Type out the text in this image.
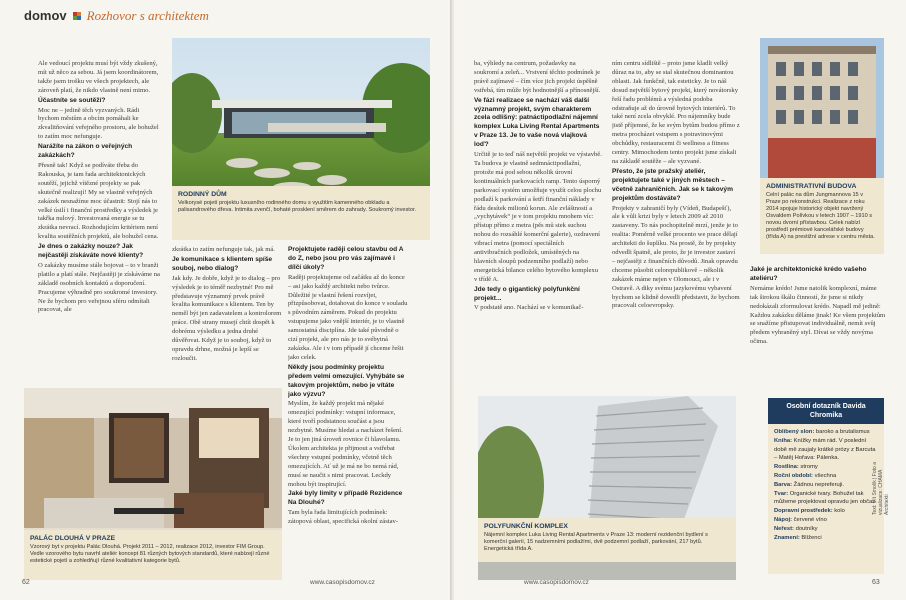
domov Rozhovor s architektem

Ale vedoucí projektu musí být vždy zkušený, mít už něco za sebou. Já jsem koordinátorem, takže jsem trošku ve všech projektech, ale zároveň platí, že nikdo vlastně není mimo.

Účastníte se soutěží?

Moc ne – jedině těch vyzvaných. Rádi bychom městům a obcím pomáhali ke zkvalitňování veřejného prostoru, ale bohužel to zatím moc nefunguje.

Narážíte na zákon o veřejných zakázkách?

Přesně tak! Když se podíváte třeba do Rakouska, je tam řada architektonických soutěží, jejichž vítězné projekty se pak skutečně realizují! My se vlastně veřejných zakázek nesnažíme moc účastnit: Stojí nás to velké úsilí i finanční prostředky a výsledek je takřka nulový. Investovaná energie se tu zkrátka nevrací. Rozhodujícím kritériem není kvalita soutěžních projektů, ale bohužel cena.

Je dnes o zakázky nouze? Jak nejčastěji získáváte nové klienty?

O zakázky musíme stále bojovat – to v branži platilo a platí stále. Nejčastěji je získáváme na základě osobních kontaktů a doporučení. Pracujeme výhradně pro soukromé investory. Ne že bychom pro veřejnou sféru odmítali pracovat, ale

zkrátka to zatím nefunguje tak, jak má.

Je komunikace s klientem spíše souboj, nebo dialog?

Jak kdy. Je dobře, když je to dialog – pro výsledek je to téměř nezbytné! Pro mě představuje významný prvek právě kvalita komunikace s klientem. Ten by neměl být jen zadavatelem a kontrolorem práce. Obě strany musejí chtít dospět k dobrému výsledku a jedna druhé důvěřovat. Když je to souboj, když to opravdu drhne, možná je lepší se rozloučit.

Projektujete raději celou stavbu od A do Z, nebo jsou pro vás zajímavé i dílčí úkoly?

Raději projektujeme od začátku až do konce – asi jako každý architekt nebo tvůrce. Důležité je vlastní řešení rozvíjet, přizpůsobovat, dotahovat do konce v souladu s původním záměrem. Pokud do projektu vstupujeme jako vnější interiér, je to vlastně samostatná disciplína. Jde také původně o cizí projekt, ale pro nás je to svébytná zakázka. Ale i v tom případě jí chceme řešit jako celek.

Někdy jsou podmínky projektu předem velmi omezující. Vyhýbáte se takovým projektům, nebo je vítáte jako výzvu?

Myslím, že každý projekt má nějaké omezující podmínky: vstupní informace, které tvoří podstatnou součást a jsou nezbytné. Musíme hledat a nacházet řešení. Je to jen jiná úroveň rovnice či hlavolamu. Úkolem architekta je přijmout a vstřebat všechny vstupní podmínky, včetně těch omezujících. Ať už je má ne bo nemá rád, musí se naučit s nimi pracovat. Leckdy mohou být inspirující.

Jaké byly limity v případě Rezidence Na Dlouhé?

Tam byla řada limitujících podmínek: zátopová oblast, specifická okolní zástav-

RODINNÝ DŮM
Velkorysé pojetí projektu luxusního rodinného domu s využitím kamenného obkladu a palisandrového dřeva. Intimita zvenčí, bohaté prosklení směrem do zahrady. Soukromý investor.
PALÁC DLOUHÁ V PRAZE
Vzorový byt v projektu Palác Dlouhá. Projekt 2011 – 2012, realizace 2012, investor FIM Group. Vedle vzorového bytu navrhl ateliér koncept 81 různých bytových standardů, které nabízejí různé estetické pojetí a zohledňují různé kvalitativní kategorie bytů.
62	www.casopisdomov.cz

ba, výhledy na centrum, požadavky na soukromí a zeleň... Vrstvení těchto podmínek je právě zajímavé – čím více jich projekt úspěšně vstřebá, tím může být hodnotnější a přínosnější.

Ve fázi realizace se nachází váš další významný projekt, svým charakterem zcela odlišný: patnáctipodlažní nájemní komplex Luka Living Rental Apartments v Praze 13. Je to vaše nová vlajková loď?

Určitě je to teď náš největší projekt ve výstavbě. Ta budova je vlastně sedmnáctipodlažní, protože má pod sebou několik úrovní kontinuálních parkovacích ramp. Tento úsporný parkovací systém umožňuje využít celou plochu podlaží k parkování a šetří finanční náklady v řádu desítek milionů korun. Ale zvláštností a „vychytávek“ je v tom projektu mnohem víc: přístup přímo z metra (pěs mů stek suchou nohou do rozsáhlé komerční galerie), ozdravení vibrací metra (pomocí speciálních antivibračních podložek, umístěných na hlavních sloupů podzemního podlaží) nebo energetická bilance celého bytového komplexu v třídě A.

Jde tedy o gigantický polyfunkční projekt...

V podstatě ano. Nachází se v komunikač-

ním centru sídliště – proto jsme kladli velký důraz na to, aby se stal skutečnou dominantou oblasti. Jak funkčně, tak esteticky. Je to náš dosud největší bytový projekt, který novátorsky řeší řadu problémů a výsledná podoba odstraňuje až do úrovně bytových interiérů. To také není zcela obvyklé. Pro nájemníky bude jistě příjemné, že ke svým bytům budou přímo z metra procházet vstupem s potravinovými obchůdky, restauracemi či wellness a fitness centry. Mimochodem tento projekt jsme získali na základě soutěže – ale vyzvané.

Přesto, že jste pražský ateliér, projektujete také v jiných městech – včetně zahraničních. Jak se k takovým projektům dostáváte?

Projekty v zahraničí byly (Vídeň, Budapešť), ale k vůli krizi byly v letech 2009 až 2010 zastaveny. To nás pochopitelně mrzí, jenže je to realita: Poměrně velké procento we prace dělají architekti do šuplíku. Na prostě, že by projekty odvedli špatně, ale proto, že je investor zastaví – nejčastěji z finančních důvodů. Jinak opravdu chceme působit celorepublikově – několik zakázek máme nejen v Olomouci, ale i v Ostravě. A diky svému jazykovému vybavení bychom se klidně dovedli představit, že bychom pracovali celoevropsky.

Jaké je architektonické krédo vašeho ateliéru?

Nemáme krédo! Jsme natolik komplexní, máme tak širokou škálu činností, že jsme si nikdy nedokázali zformulovat krédo. Napadl mě jedině: Každou zakázku děláme jinak! Ke všem projektům se snažíme přistupovat individuálně, nemít svůj předem vyhraněný styl. Dívat se vždy novýma očima.

ADMINISTRATIVNÍ BUDOVA
Celní palác na dům Jungmannova 15 v Praze po rekonstrukci. Realizace z roku 2014 spojuje historický objekt navržený Osvaldem Polívkou v letech 1907 – 1910 s novou dvorní přístavbou. Celek nabízí prostředí prémiové kancelářské budovy (třída A) na prestižní adrese v centru města.
POLYFUNKČNÍ KOMPLEX
Nájemní komplex Luka Living Rental Apartments v Praze 13: moderní rezidenční bydlení s komerční galerií, 15 nadzemními podlažími, dvě podzemní podlaží, parkování, 217 bytů. Energetická třída A.
www.casopisdomov.cz	63
Osobní dotazník Davida Chromika
Oblíbený slon: baroko a brutalismus
Kniha: Knížky mám rád. V poslední době mě zaujaly krátké prózy z Barcuta – Matěj Hořava: Pálenka.
Rostlina: stromy
Roční období: všechna
Barva: Žádnou nepreferuji.
Tvar: Organické tvary. Bohužel tak můžeme projektovat opravdu jen občas.
Dopravní prostředek: kolo
Nápoj: červené víno
Neřest: doutníky
Znamení: Blíženci
Text: Vít Smolík | Foto a vizualizace: CHAMA Architekti
